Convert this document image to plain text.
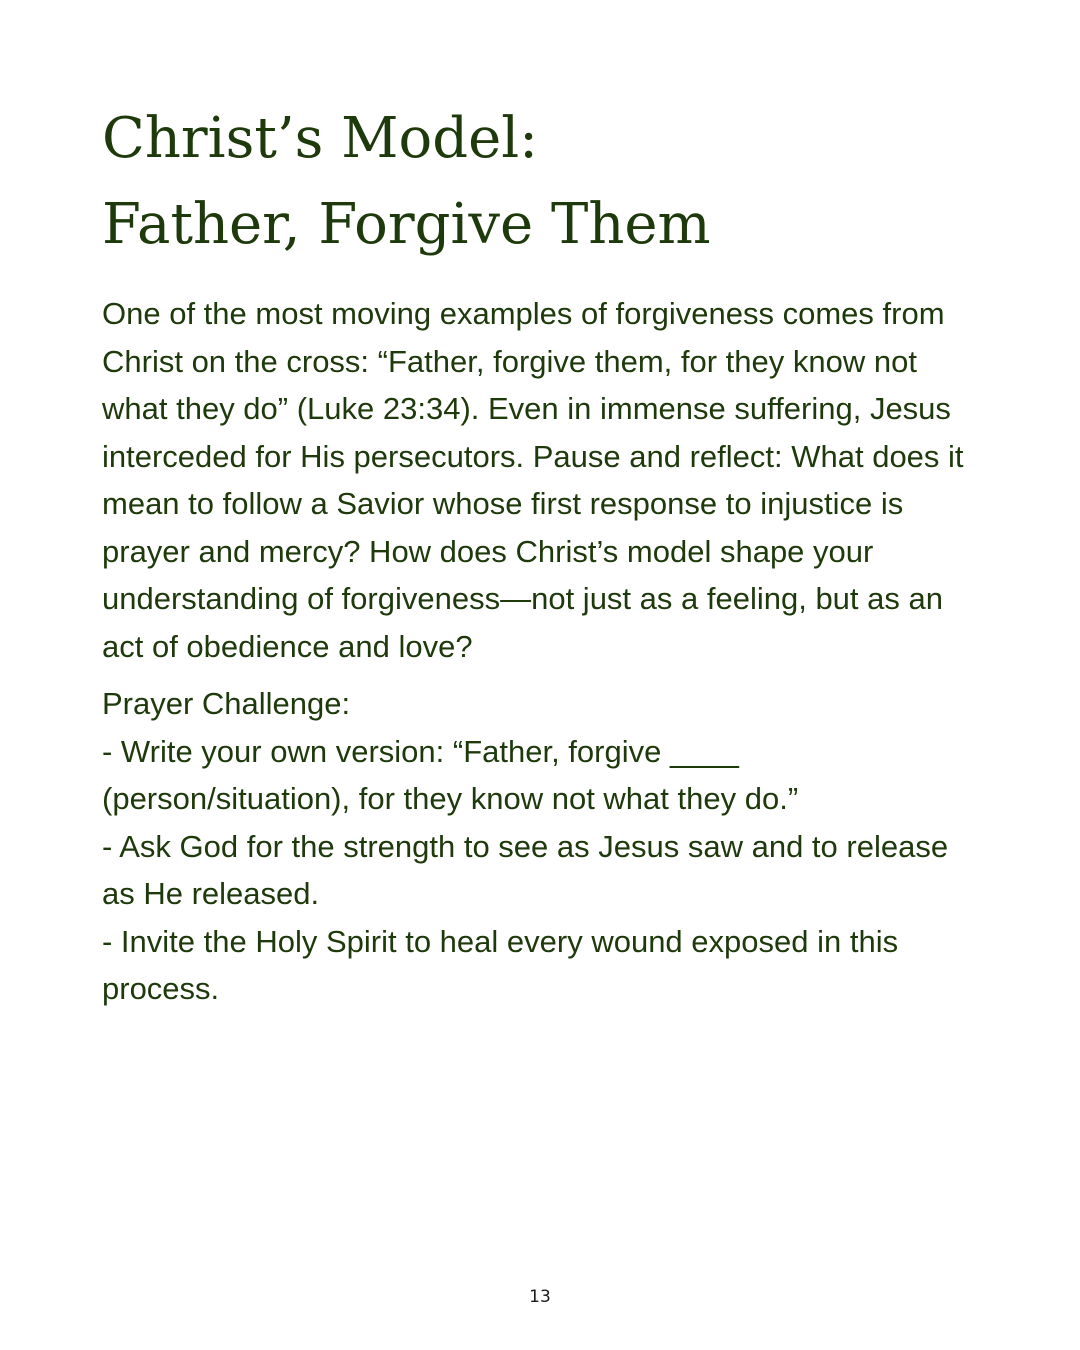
Christ’s Model:
Father, Forgive Them

One of the most moving examples of forgiveness comes from Christ on the cross: “Father, forgive them, for they know not what they do” (Luke 23:34). Even in immense suffering, Jesus interceded for His persecutors. Pause and reflect: What does it mean to follow a Savior whose first response to injustice is prayer and mercy? How does Christ’s model shape your understanding of forgiveness—not just as a feeling, but as an act of obedience and love?

Prayer Challenge:
- Write your own version: “Father, forgive ____ (person/situation), for they know not what they do.”
- Ask God for the strength to see as Jesus saw and to release as He released.
- Invite the Holy Spirit to heal every wound exposed in this process.
13
